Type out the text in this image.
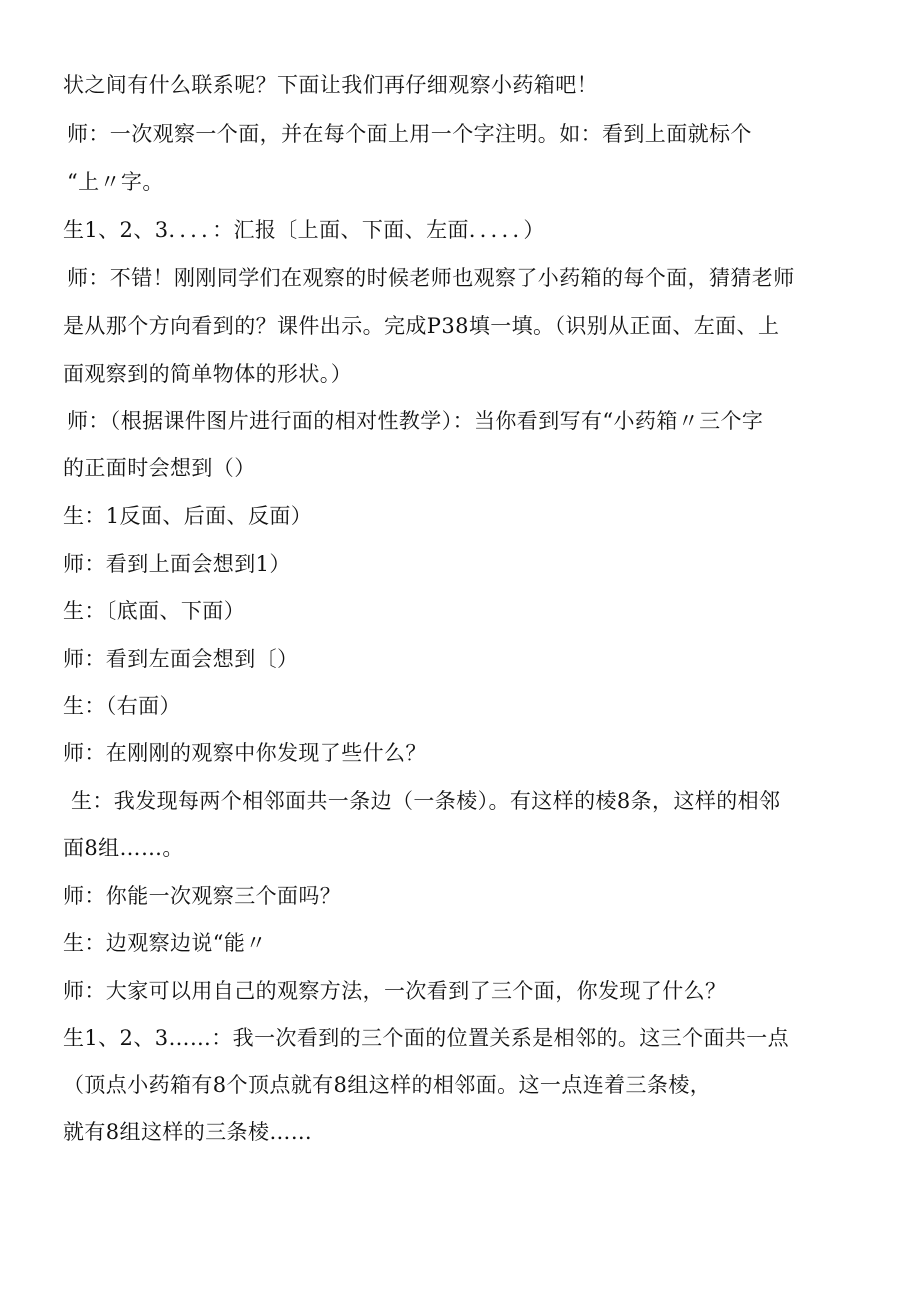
状之间有什么联系呢？下面让我们再仔细观察小药箱吧！
师：一次观察一个面，并在每个面上用一个字注明。如：看到上面就标个
“上〃字。
生1、2、3．．．．：汇报〔上面、下面、左面．．．．．）
师：不错！刚刚同学们在观察的时候老师也观察了小药箱的每个面，猜猜老师
是从那个方向看到的？课件出示。完成P38填一填。（识别从正面、左面、上
面观察到的简单物体的形状。）
师：（根据课件图片进行面的相对性教学）：当你看到写有“小药箱〃三个字
的正面时会想到（）
生：1反面、后面、反面）
师：看到上面会想到1）
生：〔底面、下面）
师：看到左面会想到〔）
生：（右面）
师：在刚刚的观察中你发现了些什么？
生：我发现每两个相邻面共一条边（一条棱）。有这样的棱8条，这样的相邻
面8组……。
师：你能一次观察三个面吗？
生：边观察边说“能〃
师：大家可以用自己的观察方法，一次看到了三个面，你发现了什么？
生1、2、3……：我一次看到的三个面的位置关系是相邻的。这三个面共一点
（顶点小药箱有8个顶点就有8组这样的相邻面。这一点连着三条棱，
就有8组这样的三条棱……
